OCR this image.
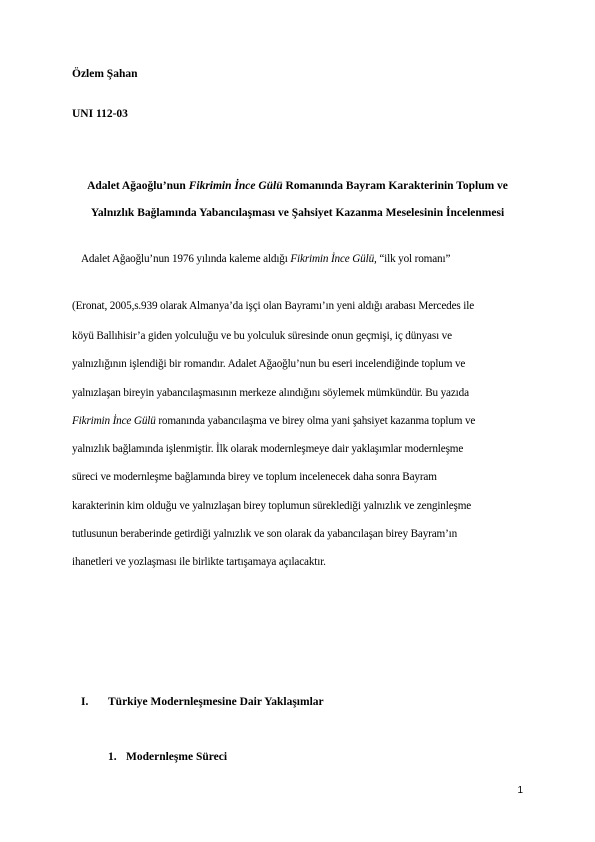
Özlem Şahan
UNI 112-03
Adalet Ağaoğlu’nun Fikrimin İnce Gülü Romanında Bayram Karakterinin Toplum ve
Yalnızlık Bağlamında Yabancılaşması ve Şahsiyet Kazanma Meselesinin İncelenmesi
Adalet Ağaoğlu’nun 1976 yılında kaleme aldığı Fikrimin İnce Gülü, “ilk yol romanı”
(Eronat, 2005,s.939 olarak Almanya’da işçi olan Bayramı’ın yeni aldığı arabası Mercedes ile
köyü Ballıhisir’a giden yolculuğu ve bu yolculuk süresinde onun geçmişi, iç dünyası ve
yalnızlığının işlendiği bir romandır. Adalet Ağaoğlu’nun bu eseri incelendiğinde toplum ve
yalnızlaşan bireyin yabancılaşmasının merkeze alındığını söylemek mümkündür. Bu yazıda
Fikrimin İnce Gülü romanında yabancılaşma ve birey olma yani şahsiyet kazanma toplum ve
yalnızlık bağlamında işlenmiştir. İlk olarak modernleşmeye dair yaklaşımlar modernleşme
süreci ve modernleşme bağlamında birey ve toplum incelenecek daha sonra Bayram
karakterinin kim olduğu ve yalnızlaşan birey toplumun süreklediği yalnızlık ve zenginleşme
tutlusunun beraberinde getirdiği yalnızlık ve son olarak da yabancılaşan birey Bayram’ın
ihanetleri ve yozlaşması ile birlikte tartışamaya açılacaktır.
I. Türkiye Modernleşmesine Dair Yaklaşımlar
1. Modernleşme Süreci
1
